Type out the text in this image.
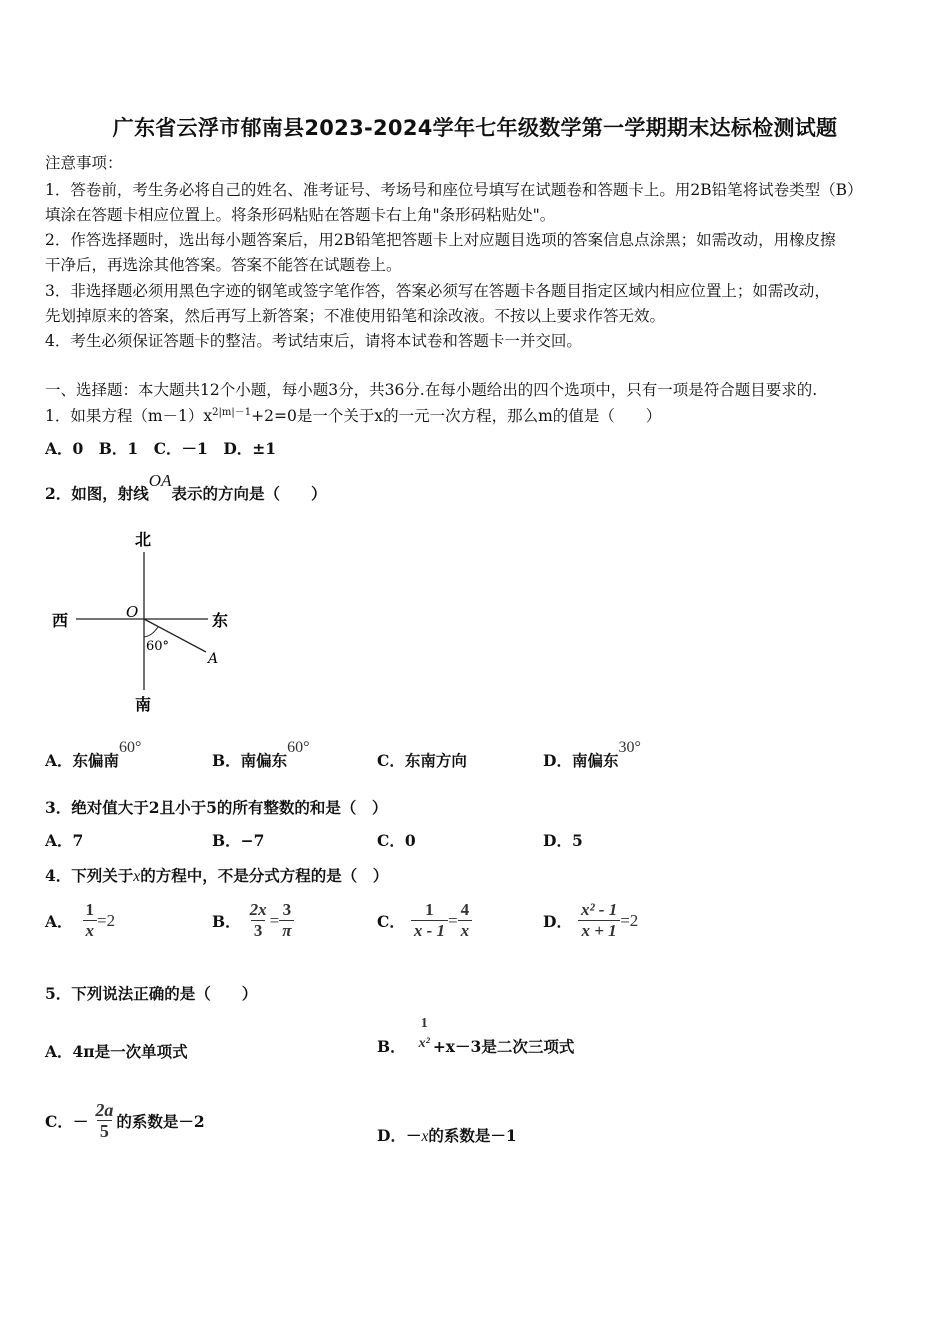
广东省云浮市郁南县2023-2024学年七年级数学第一学期期末达标检测试题
注意事项：
1．答卷前，考生务必将自己的姓名、准考证号、考场号和座位号填写在试题卷和答题卡上。用2B铅笔将试卷类型（B）
填涂在答题卡相应位置上。将条形码粘贴在答题卡右上角"条形码粘贴处"。
2．作答选择题时，选出每小题答案后，用2B铅笔把答题卡上对应题目选项的答案信息点涂黑；如需改动，用橡皮擦
干净后，再选涂其他答案。答案不能答在试题卷上。
3．非选择题必须用黑色字迹的钢笔或签字笔作答，答案必须写在答题卡各题目指定区域内相应位置上；如需改动，
先划掉原来的答案，然后再写上新答案；不准使用铅笔和涂改液。不按以上要求作答无效。
4．考生必须保证答题卡的整洁。考试结束后，请将本试卷和答题卡一并交回。
一、选择题：本大题共12个小题，每小题3分，共36分.在每小题给出的四个选项中，只有一项是符合题目要求的.
1．如果方程$(m-1)x^{2|m|-1}+2=0$是一个关于x的一元一次方程，那么m的值是（　　）
A．0　B．1　C．－1　D．±1
2．如图，射线OA表示的方向是（　　）
北
南
西	东
O
60°
A
A．东偏南60°
B．南偏东60°
C．东南方向	D．南偏东30°
3．绝对值大于2且小于5的所有整数的和是（　）
A．7	B．−7	C．0	D．5
4．下列关于x的方程中，不是分式方程的是（　）
A． $\frac{1}{x} =2$	B． $\frac{2x}{3} = \frac{3}{\pi}$	C． $\frac{1}{x - 1} = \frac{4}{x}$	D． $\frac{\text{x² - 1}}{x + 1} =2$
5．下列说法正确的是（　　）
A．4π是一次单项式	B．
1
x² +x－3是二次三项式
C．－ $\frac{2a}{5}$ 的系数是－2
D．－x的系数是－1
